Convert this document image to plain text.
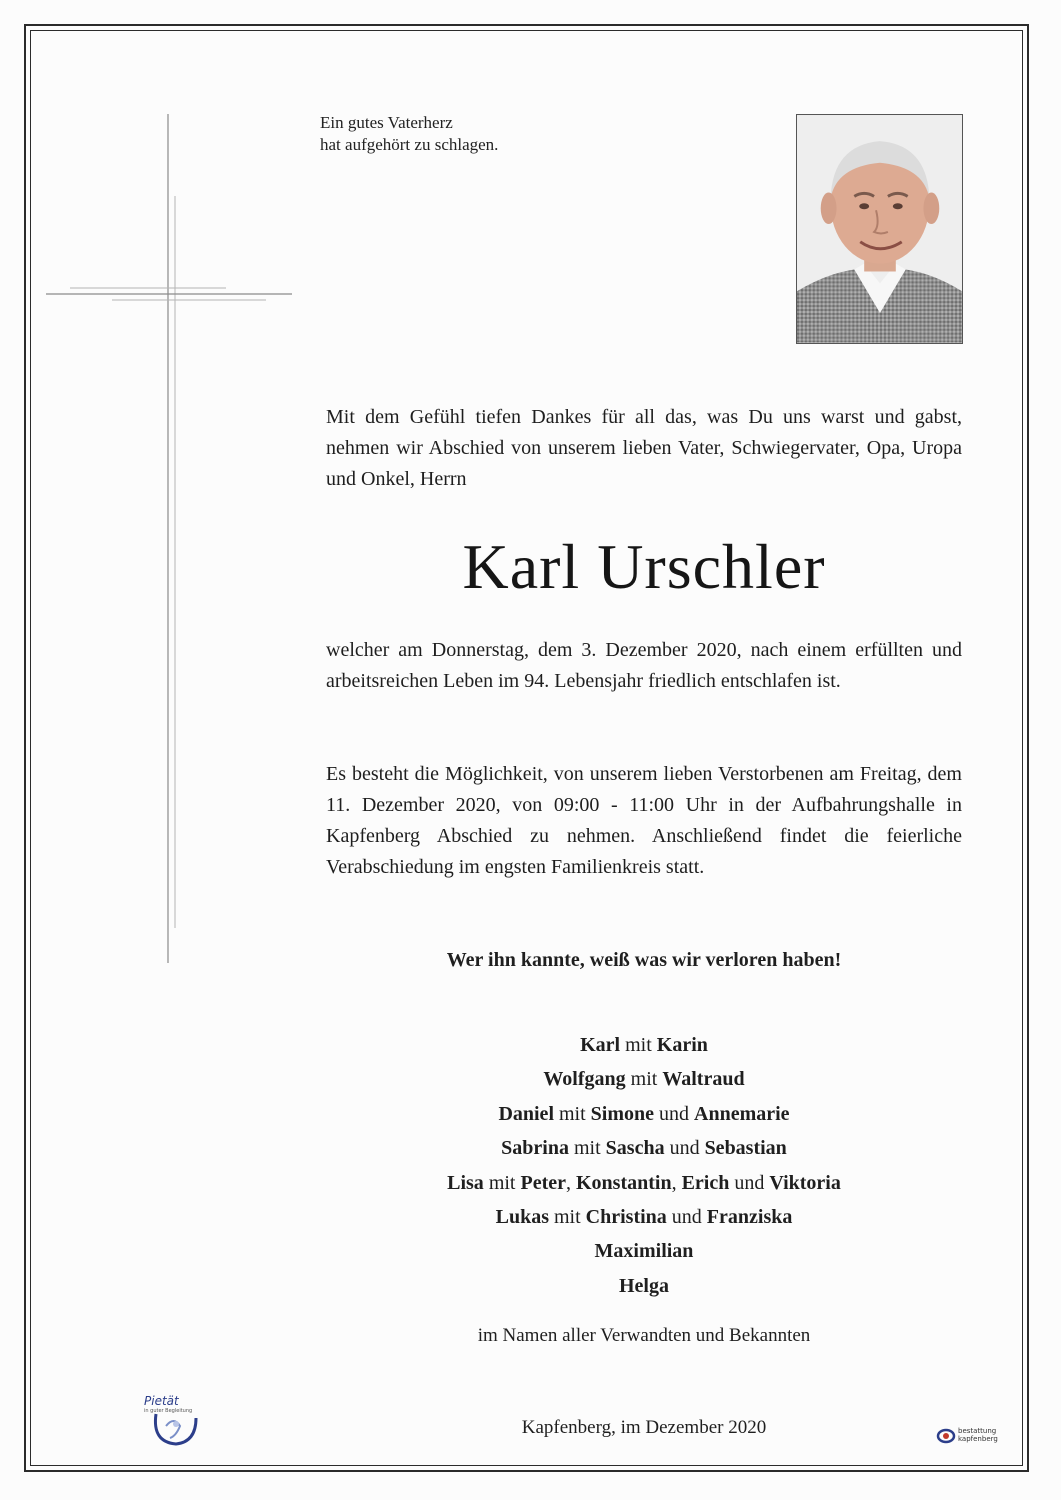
Ein gutes Vaterherz
hat aufgehört zu schlagen.
Mit dem Gefühl tiefen Dankes für all das, was Du uns warst und gabst, nehmen wir Abschied von unserem lieben Vater, Schwiegervater, Opa, Uropa und Onkel, Herrn
Karl Urschler
welcher am Donnerstag, dem 3. Dezember 2020, nach einem erfüllten und arbeitsreichen Leben im 94. Lebensjahr friedlich entschlafen ist.
Es besteht die Möglichkeit, von unserem lieben Verstorbenen am Freitag, dem 11. Dezember 2020, von 09:00 - 11:00 Uhr in der Aufbahrungshalle in Kapfenberg Abschied zu nehmen. Anschließend findet die feierliche Verabschiedung im engsten Familienkreis statt.
Wer ihn kannte, weiß was wir verloren haben!
Karl mit Karin
Wolfgang mit Waltraud
Daniel mit Simone und Annemarie
Sabrina mit Sascha und Sebastian
Lisa mit Peter, Konstantin, Erich und Viktoria
Lukas mit Christina und Franziska
Maximilian
Helga
im Namen aller Verwandten und Bekannten
Kapfenberg, im Dezember 2020
Pietät
in guter Begleitung
bestattung
kapfenberg
